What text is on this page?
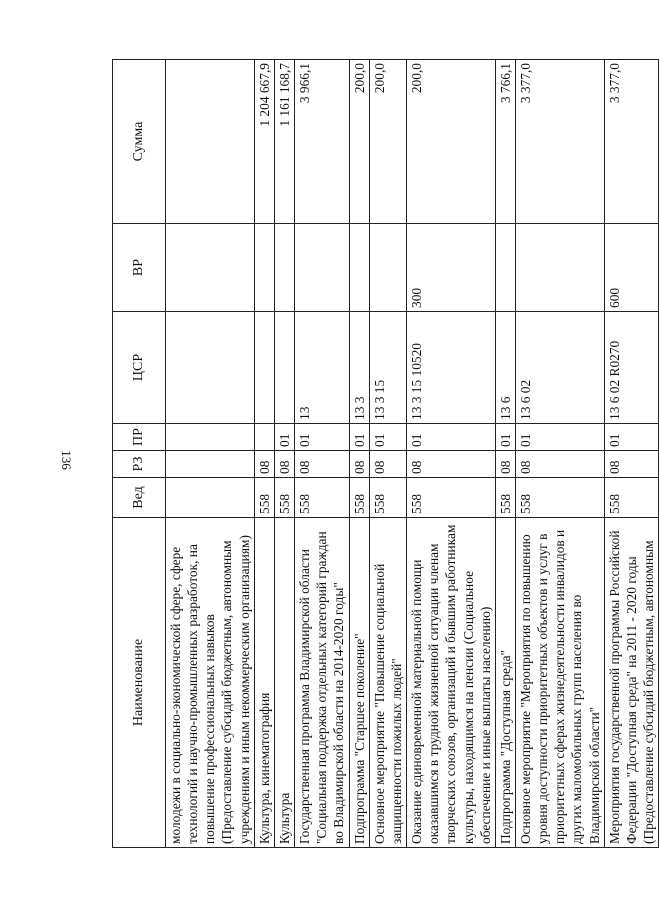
136
Наименование	Вед	РЗ	ПР	ЦСР	ВР	Сумма
молодежи в социально-экономической сфере, сфере технологий и научно-промышленных разработок, на повышение профессиональных навыков (Предоставление субсидий бюджетным, автономным учреждениям и иным некоммерческим организациям)						
Культура, кинематография	558	08				1 204 667,9
Культура	558	08	01			1 161 168,7
Государственная программа Владимирской области "Социальная поддержка отдельных категорий граждан во Владимирской области на 2014-2020 годы"	558	08	01	13		3 966,1
Подпрограмма "Старшее поколение"	558	08	01	13 3		200,0
Основное мероприятие "Повышение социальной защищенности пожилых людей"	558	08	01	13 3 15		200,0
Оказание единовременной материальной помощи оказавшимся в трудной жизненной ситуации членам творческих союзов, организаций и бывшим работникам культуры, находящимся на пенсии (Социальное обеспечение и иные выплаты населению)	558	08	01	13 3 15 10520	300	200,0
Подпрограмма "Доступная среда"	558	08	01	13 6		3 766,1
Основное мероприятие "Мероприятия по повышению уровня доступности приоритетных объектов и услуг в приоритетных сферах жизнедеятельности инвалидов и других маломобильных групп населения во Владимирской области"	558	08	01	13 6 02		3 377,0
Мероприятия государственной программы Российской Федерации "Доступная среда" на 2011 - 2020 годы (Предоставление субсидий бюджетным, автономным	558	08	01	13 6 02 R0270	600	3 377,0
